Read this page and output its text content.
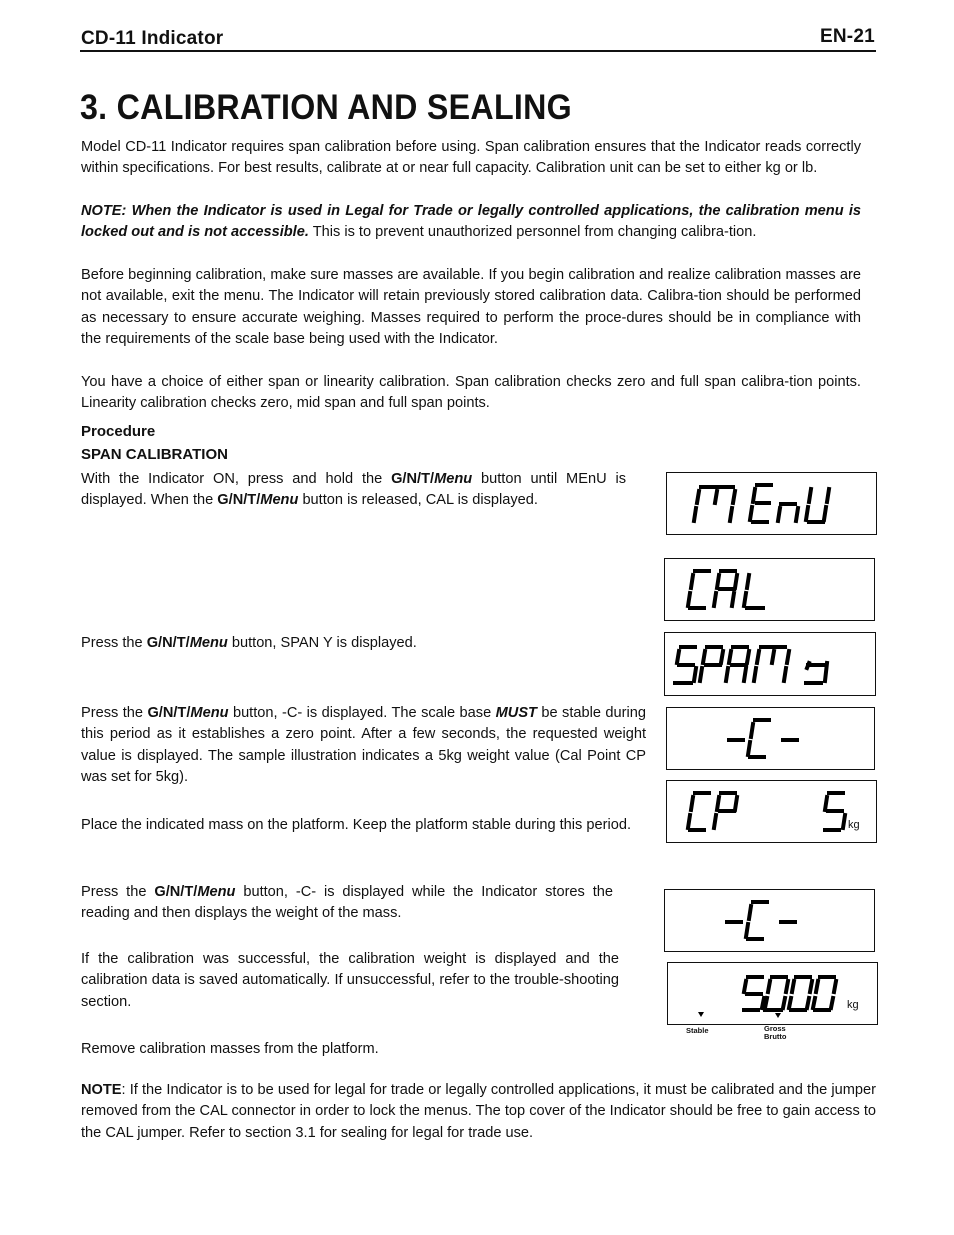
CD-11 Indicator	EN-21
3. CALIBRATION AND SEALING
Model CD-11 Indicator requires span calibration before using. Span calibration ensures that the Indicator reads correctly within specifications. For best results, calibrate at or near full capacity. Calibration unit can be set to either kg or lb.
NOTE: When the Indicator is used in Legal for Trade or legally controlled applications, the calibration menu is locked out and is not accessible. This is to prevent unauthorized personnel from changing calibra-tion.
Before beginning calibration, make sure masses are available. If you begin calibration and realize calibration masses are not available, exit the menu. The Indicator will retain previously stored calibration data. Calibra-tion should be performed as necessary to ensure accurate weighing. Masses required to perform the proce-dures should be in compliance with the requirements of the scale base being used with the Indicator.
You have a choice of either span or linearity calibration. Span calibration checks zero and full span calibra-tion points. Linearity calibration checks zero, mid span and full span points.
Procedure
SPAN CALIBRATION
With the Indicator ON, press and hold the G/N/T/Menu button until MEnU is displayed. When the G/N/T/Menu button is released, CAL is displayed.
Press the G/N/T/Menu button, SPAN Y is displayed.
Press the G/N/T/Menu button, -C- is displayed. The scale base MUST be stable during this period as it establishes a zero point. After a few seconds, the requested weight value is displayed. The sample illustration indicates a 5kg weight value (Cal Point CP was set for 5kg).
Place the indicated mass on the platform. Keep the platform stable during this period.
Press the G/N/T/Menu button, -C- is displayed while the Indicator stores the reading and then displays the weight of the mass.
If the calibration was successful, the calibration weight is displayed and the calibration data is saved automatically. If unsuccessful, refer to the trouble-shooting section.
Remove calibration masses from the platform.
NOTE: If the Indicator is to be used for legal for trade or legally controlled applications, it must be calibrated and the jumper removed from the CAL connector in order to lock the menus. The top cover of the Indicator should be free to gain access to the CAL jumper. Refer to section 3.1 for sealing for legal for trade use.
kg
kg
Stable	Gross
Brutto
